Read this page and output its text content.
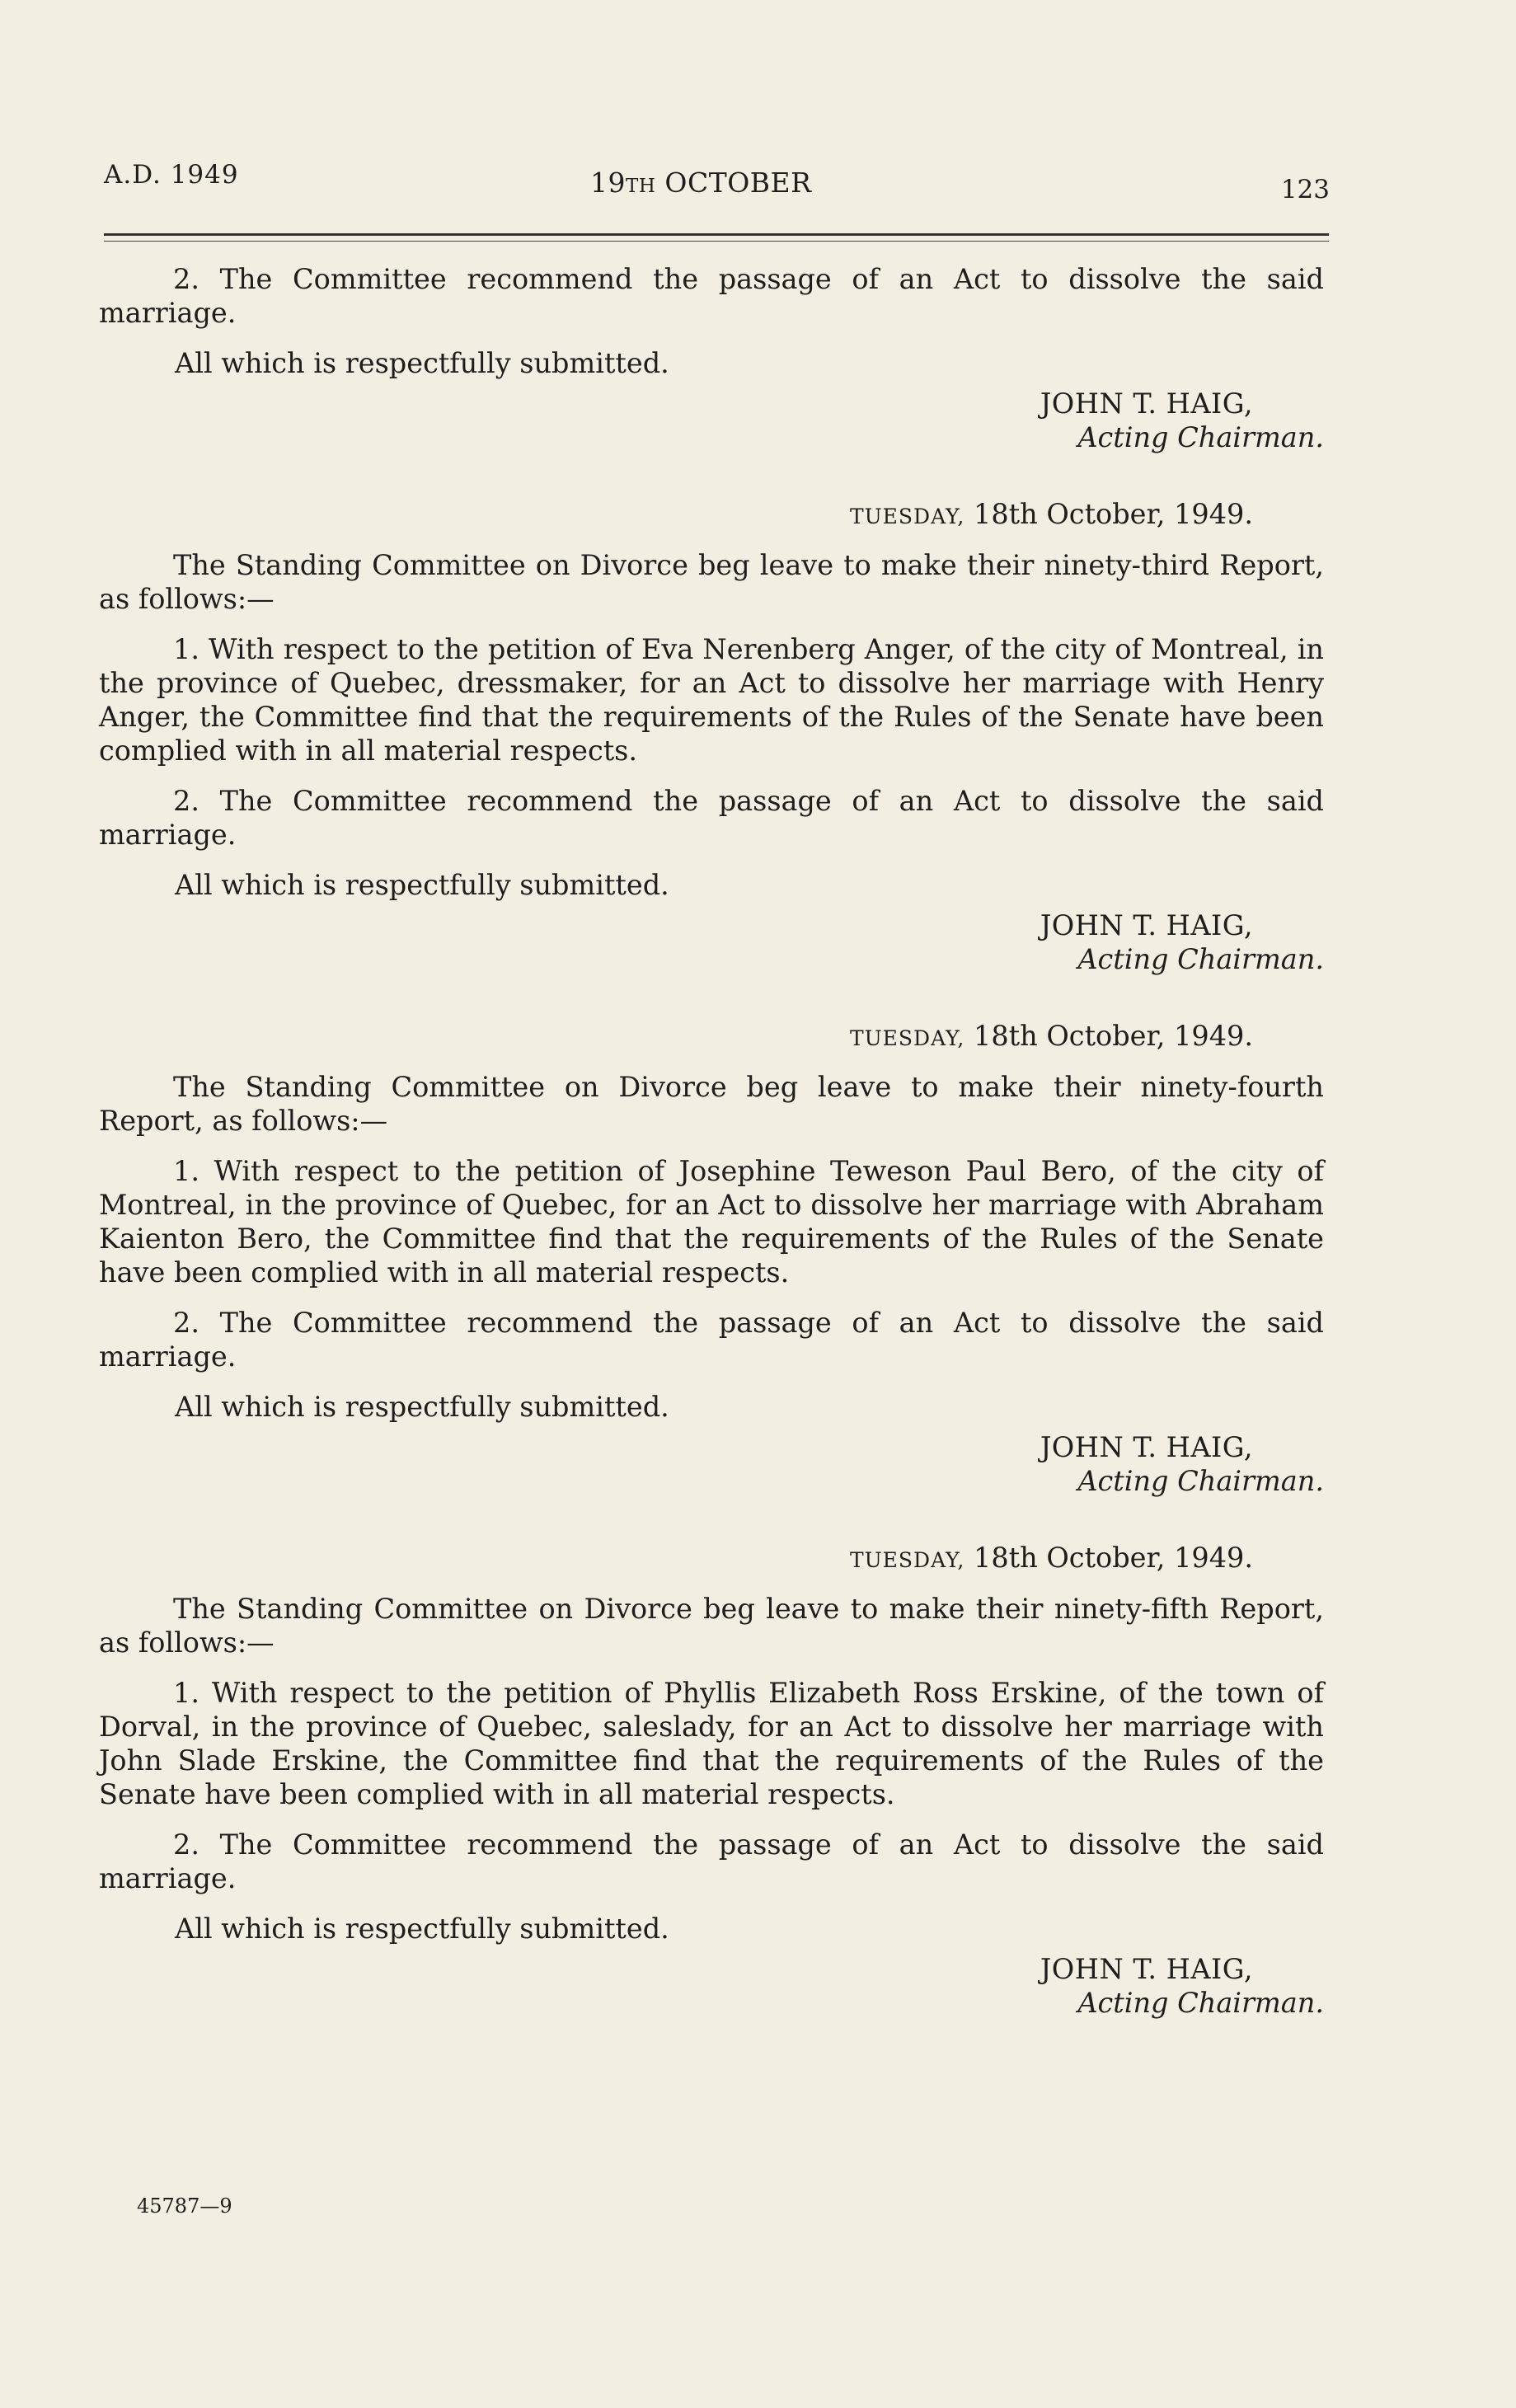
A.D. 1949	19TH OCTOBER	123

2. The Committee recommend the passage of an Act to dissolve the said marriage.

All which is respectfully submitted.

JOHN T. HAIG,

Acting Chairman.

TUESDAY, 18th October, 1949.

The Standing Committee on Divorce beg leave to make their ninety-third Report, as follows:—

1. With respect to the petition of Eva Nerenberg Anger, of the city of Montreal, in the province of Quebec, dressmaker, for an Act to dissolve her marriage with Henry Anger, the Committee find that the requirements of the Rules of the Senate have been complied with in all material respects.

2. The Committee recommend the passage of an Act to dissolve the said marriage.

All which is respectfully submitted.

JOHN T. HAIG,

Acting Chairman.

TUESDAY, 18th October, 1949.

The Standing Committee on Divorce beg leave to make their ninety-fourth Report, as follows:—

1. With respect to the petition of Josephine Teweson Paul Bero, of the city of Montreal, in the province of Quebec, for an Act to dissolve her marriage with Abraham Kaienton Bero, the Committee find that the requirements of the Rules of the Senate have been complied with in all material respects.

2. The Committee recommend the passage of an Act to dissolve the said marriage.

All which is respectfully submitted.

JOHN T. HAIG,

Acting Chairman.

TUESDAY, 18th October, 1949.

The Standing Committee on Divorce beg leave to make their ninety-fifth Report, as follows:—

1. With respect to the petition of Phyllis Elizabeth Ross Erskine, of the town of Dorval, in the province of Quebec, saleslady, for an Act to dissolve her marriage with John Slade Erskine, the Committee find that the requirements of the Rules of the Senate have been complied with in all material respects.

2. The Committee recommend the passage of an Act to dissolve the said marriage.

All which is respectfully submitted.

JOHN T. HAIG,

Acting Chairman.

45787—9
